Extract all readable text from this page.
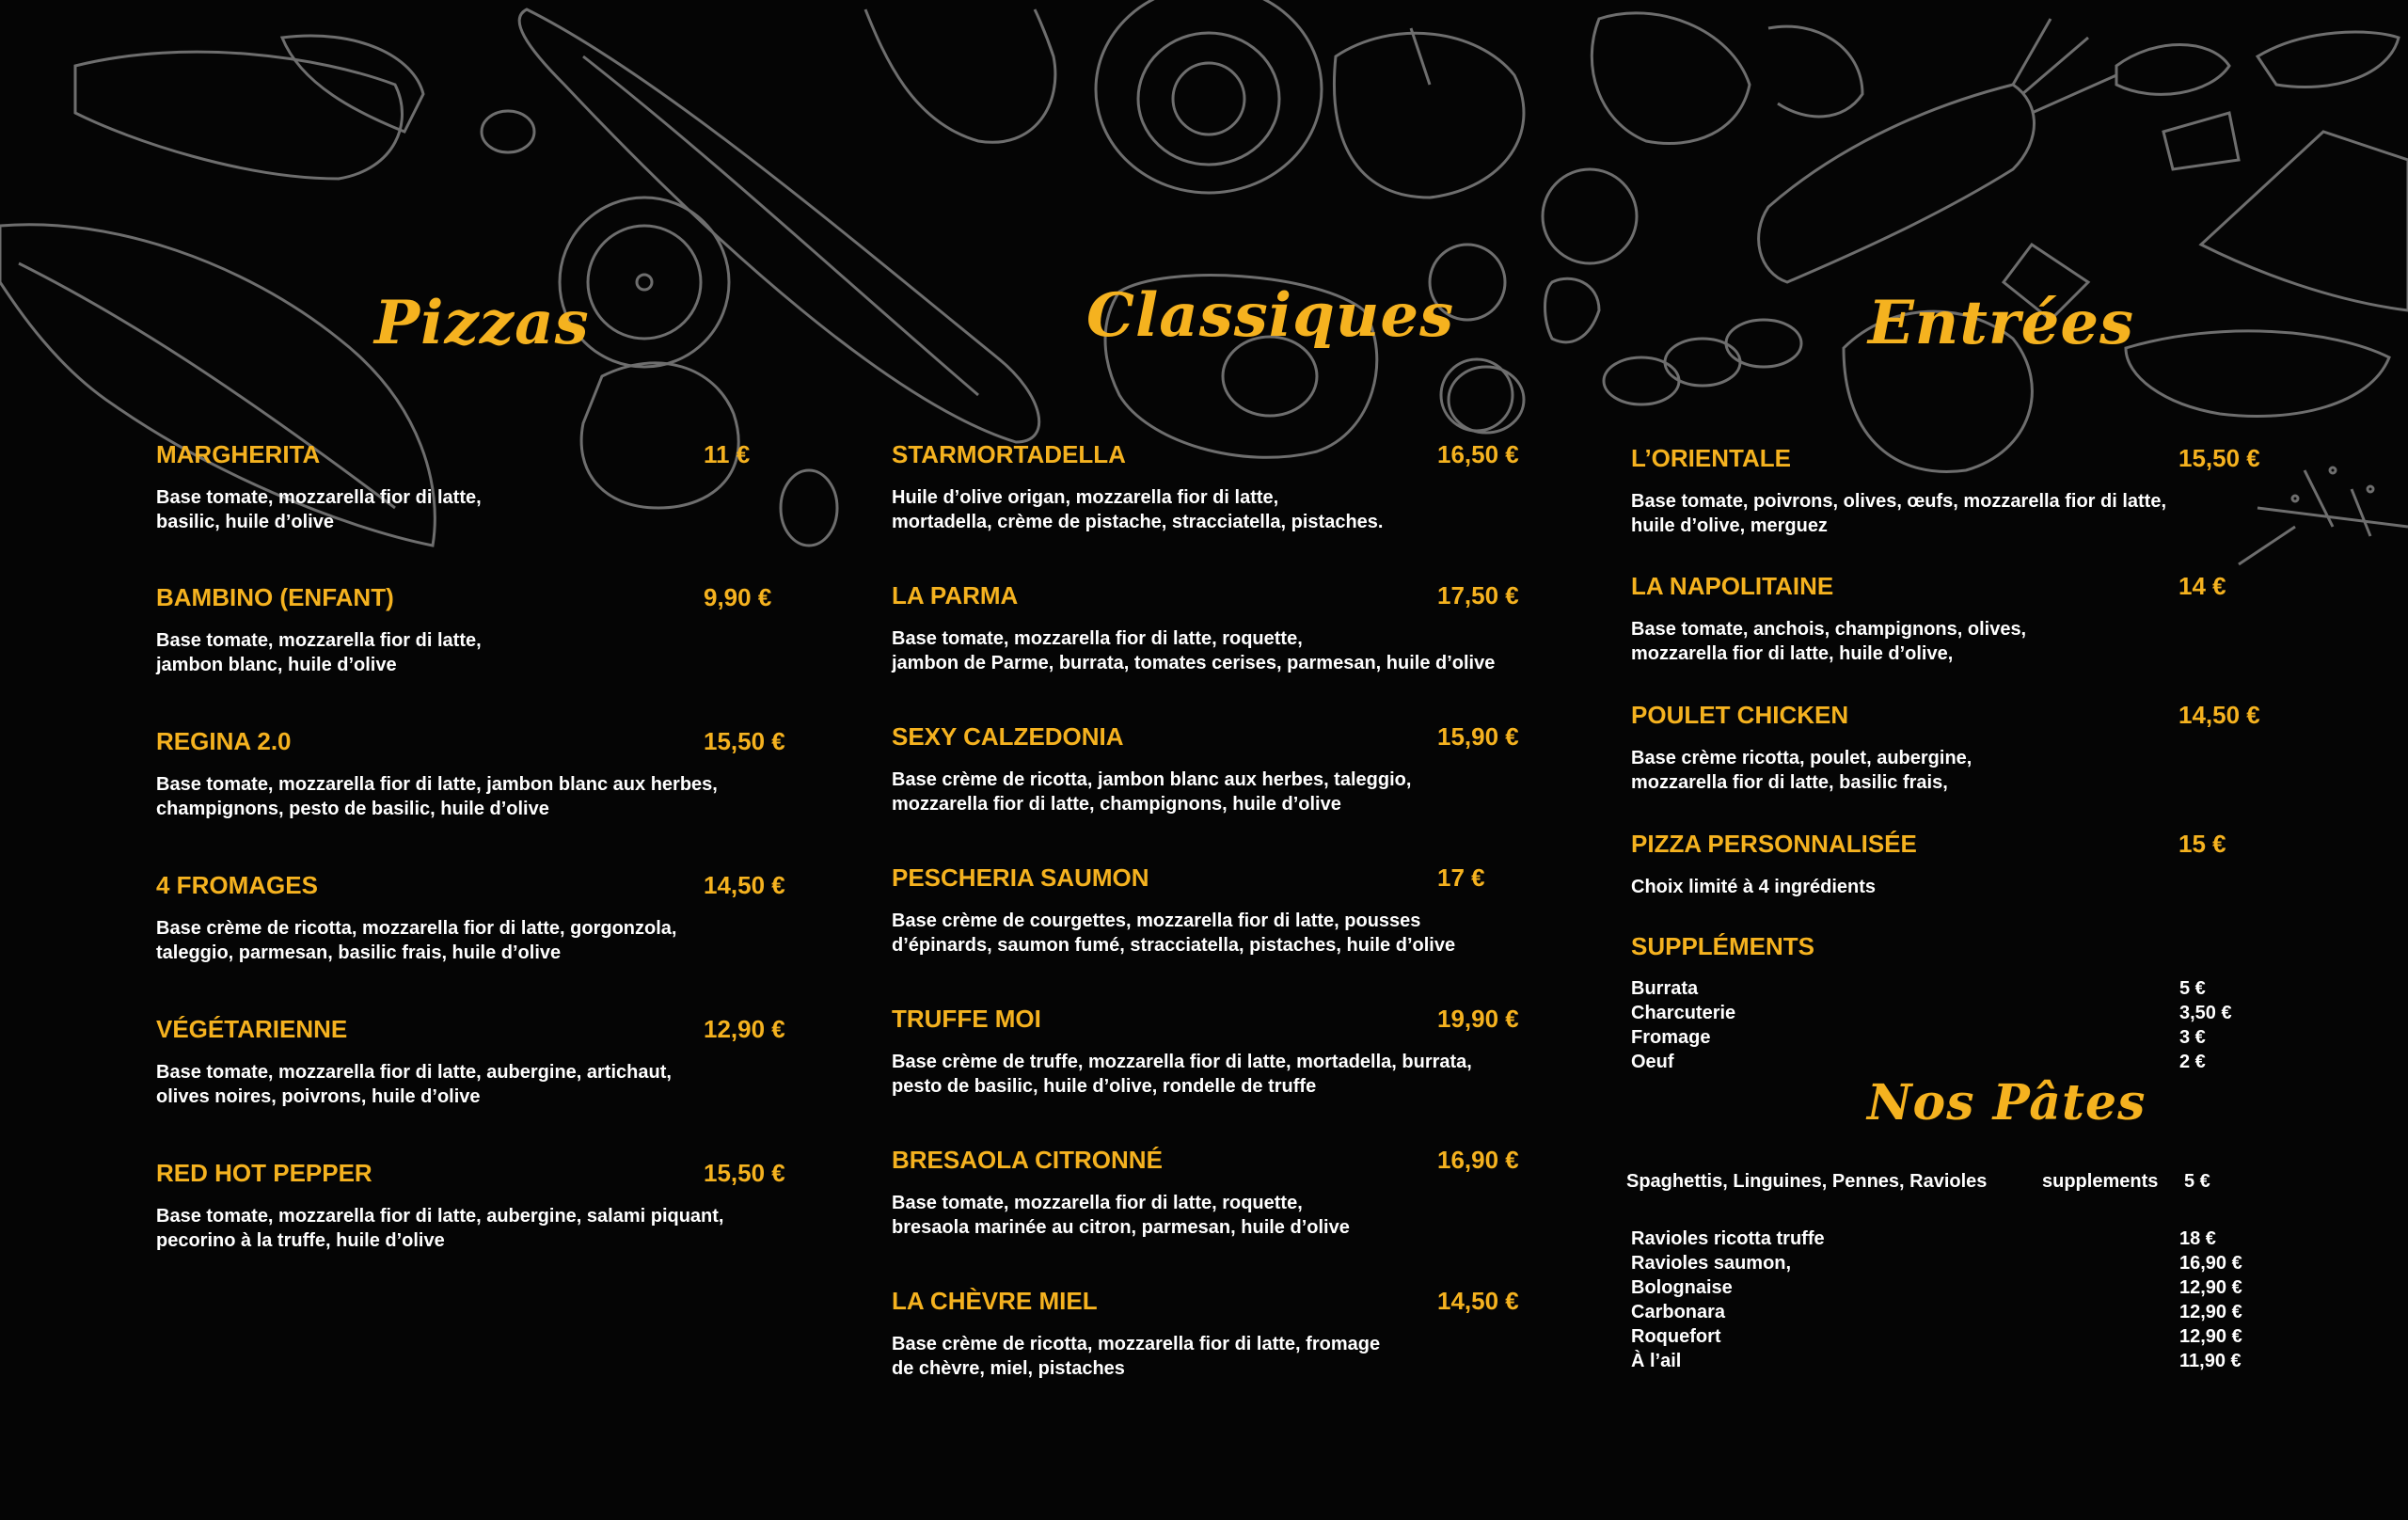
Pizzas	Classiques	Entrées
Nos Pâtes
MARGHERITA	11 €
Base tomate, mozzarella fior di latte,
basilic, huile d’olive
BAMBINO (ENFANT)	9,90 €
Base tomate, mozzarella fior di latte,
jambon blanc, huile d’olive
REGINA 2.0	15,50 €
Base tomate, mozzarella fior di latte, jambon blanc aux herbes,
champignons, pesto de basilic, huile d’olive
4 FROMAGES	14,50 €
Base crème de ricotta, mozzarella fior di latte, gorgonzola,
taleggio, parmesan, basilic frais, huile d’olive
VÉGÉTARIENNE	12,90 €
Base tomate, mozzarella fior di latte, aubergine, artichaut,
olives noires, poivrons, huile d’olive
RED HOT PEPPER	15,50 €
Base tomate, mozzarella fior di latte, aubergine, salami piquant,
pecorino à la truffe, huile d’olive
STARMORTADELLA	16,50 €
Huile d’olive origan, mozzarella fior di latte,
mortadella, crème de pistache, stracciatella, pistaches.
LA PARMA	17,50 €
Base tomate, mozzarella fior di latte, roquette,
jambon de Parme, burrata, tomates cerises, parmesan, huile d’olive
SEXY CALZEDONIA	15,90 €
Base crème de ricotta, jambon blanc aux herbes, taleggio,
mozzarella fior di latte, champignons, huile d’olive
PESCHERIA SAUMON	17 €
Base crème de courgettes, mozzarella fior di latte, pousses
d’épinards, saumon fumé, stracciatella, pistaches, huile d’olive
TRUFFE MOI	19,90 €
Base crème de truffe, mozzarella fior di latte, mortadella, burrata,
pesto de basilic, huile d’olive, rondelle de truffe
BRESAOLA CITRONNÉ	16,90 €
Base tomate, mozzarella fior di latte, roquette,
bresaola marinée au citron, parmesan, huile d’olive
LA CHÈVRE MIEL	14,50 €
Base crème de ricotta, mozzarella fior di latte, fromage
de chèvre, miel, pistaches
L’ORIENTALE	15,50 €
Base tomate, poivrons, olives, œufs, mozzarella fior di latte,
huile d’olive, merguez
LA NAPOLITAINE	14 €
Base tomate, anchois, champignons, olives,
mozzarella fior di latte, huile d’olive,
POULET CHICKEN	14,50 €
Base crème ricotta, poulet, aubergine,
mozzarella fior di latte, basilic frais,
PIZZA PERSONNALISÉE	15 €
Choix limité à 4 ingrédients
SUPPLÉMENTS
Burrata	5 €
Charcuterie	3,50 €
Fromage	3 €
Oeuf	2 €
Spaghettis, Linguines, Pennes, Ravioles	supplements 5 €
Ravioles ricotta truffe	18 €
Ravioles saumon,	16,90 €
Bolognaise	12,90 €
Carbonara	12,90 €
Roquefort	12,90 €
À l’ail	11,90 €
